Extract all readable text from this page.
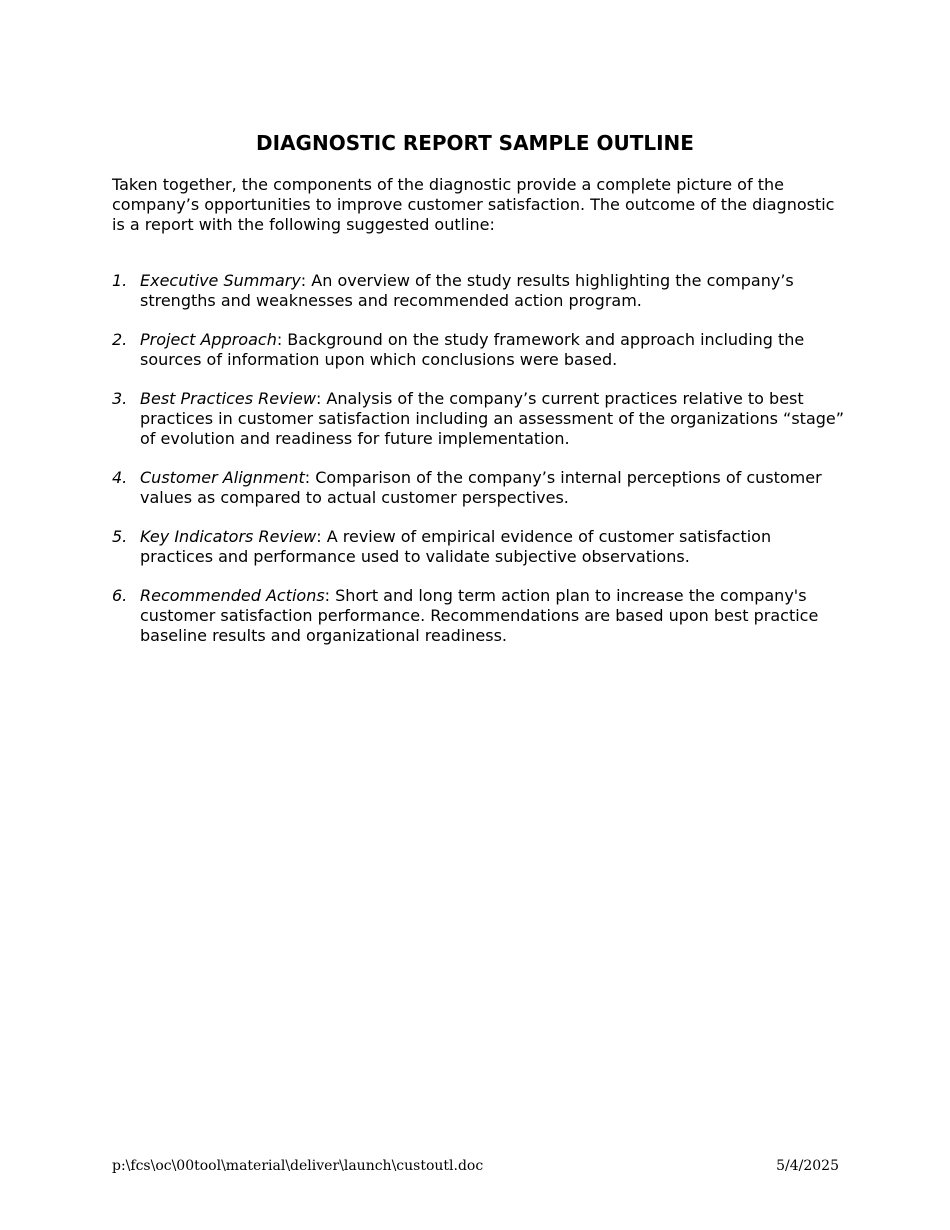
DIAGNOSTIC REPORT SAMPLE OUTLINE

Taken together, the components of the diagnostic provide a complete picture of the company’s opportunities to improve customer satisfaction. The outcome of the diagnostic is a report with the following suggested outline:

1. Executive Summary: An overview of the study results highlighting the company’s strengths and weaknesses and recommended action program.
2. Project Approach: Background on the study framework and approach including the sources of information upon which conclusions were based.
3. Best Practices Review: Analysis of the company’s current practices relative to best practices in customer satisfaction including an assessment of the organizations “stage” of evolution and readiness for future implementation.
4. Customer Alignment: Comparison of the company’s internal perceptions of customer values as compared to actual customer perspectives.
5. Key Indicators Review: A review of empirical evidence of customer satisfaction practices and performance used to validate subjective observations.
6. Recommended Actions: Short and long term action plan to increase the company's customer satisfaction performance. Recommendations are based upon best practice baseline results and organizational readiness.
p:\fcs\oc\00tool\material\deliver\launch\custoutl.doc	5/4/2025
